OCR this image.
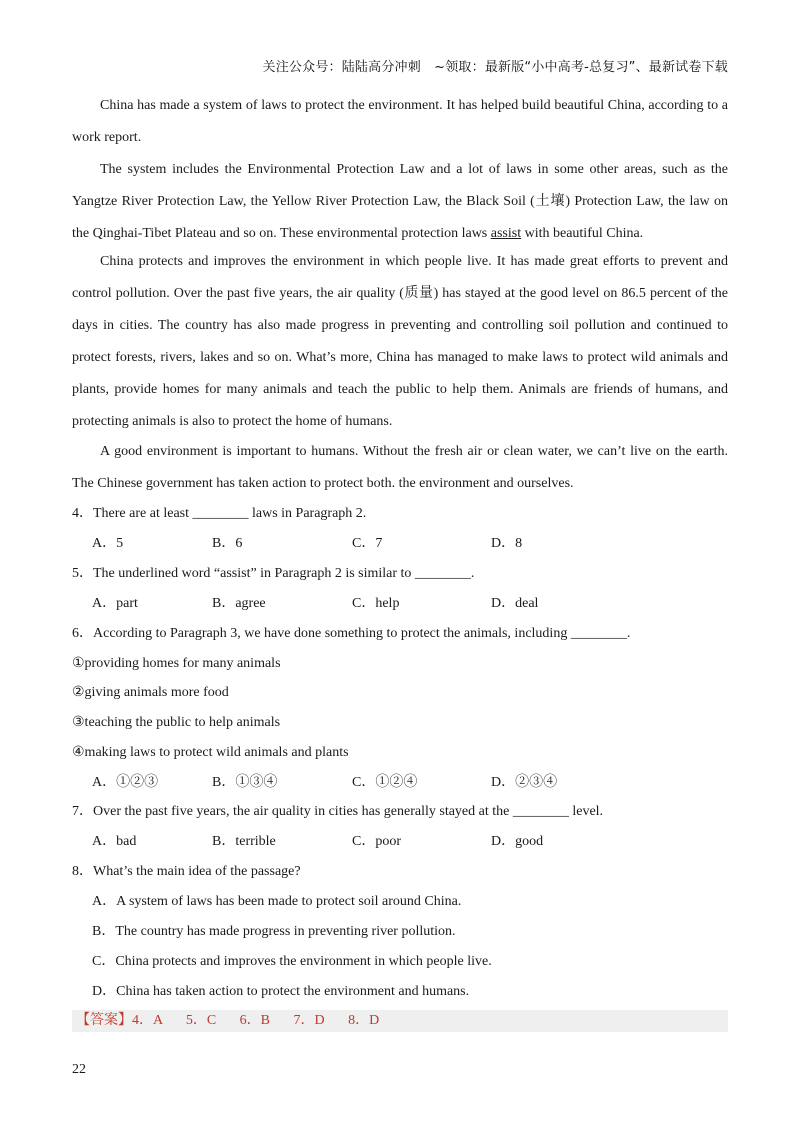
关注公众号：陆陆高分冲刺　~领取：最新版“小中高考-总复习”、最新试卷下载

China has made a system of laws to protect the environment. It has helped build beautiful China, according to a work report.

The system includes the Environmental Protection Law and a lot of laws in some other areas, such as the Yangtze River Protection Law, the Yellow River Protection Law, the Black Soil (土壤) Protection Law, the law on the Qinghai-Tibet Plateau and so on. These environmental protection laws assist with beautiful China.

China protects and improves the environment in which people live. It has made great efforts to prevent and control pollution. Over the past five years, the air quality (质量) has stayed at the good level on 86.5 percent of the days in cities. The country has also made progress in preventing and controlling soil pollution and continued to protect forests, rivers, lakes and so on. What’s more, China has managed to make laws to protect wild animals and plants, provide homes for many animals and teach the public to help them. Animals are friends of humans, and protecting animals is also to protect the home of humans.

A good environment is important to humans. Without the fresh air or clean water, we can’t live on the earth. The Chinese government has taken action to protect both. the environment and ourselves.

4．There are at least ________ laws in Paragraph 2.
A．5	B．6	C．7	D．8
5．The underlined word “assist” in Paragraph 2 is similar to ________.
A．part	B．agree	C．help	D．deal
6．According to Paragraph 3, we have done something to protect the animals, including ________.
①providing homes for many animals
②giving animals more food
③teaching the public to help animals
④making laws to protect wild animals and plants
A．①②③	B．①③④	C．①②④	D．②③④
7．Over the past five years, the air quality in cities has generally stayed at the ________ level.
A．bad	B．terrible	C．poor	D．good
8．What’s the main idea of the passage?
A．A system of laws has been made to protect soil around China.
B．The country has made progress in preventing river pollution.
C．China protects and improves the environment in which people live.
D．China has taken action to protect the environment and humans.
【答案】4．A　 5．C　 6．B　 7．D　 8．D
22
